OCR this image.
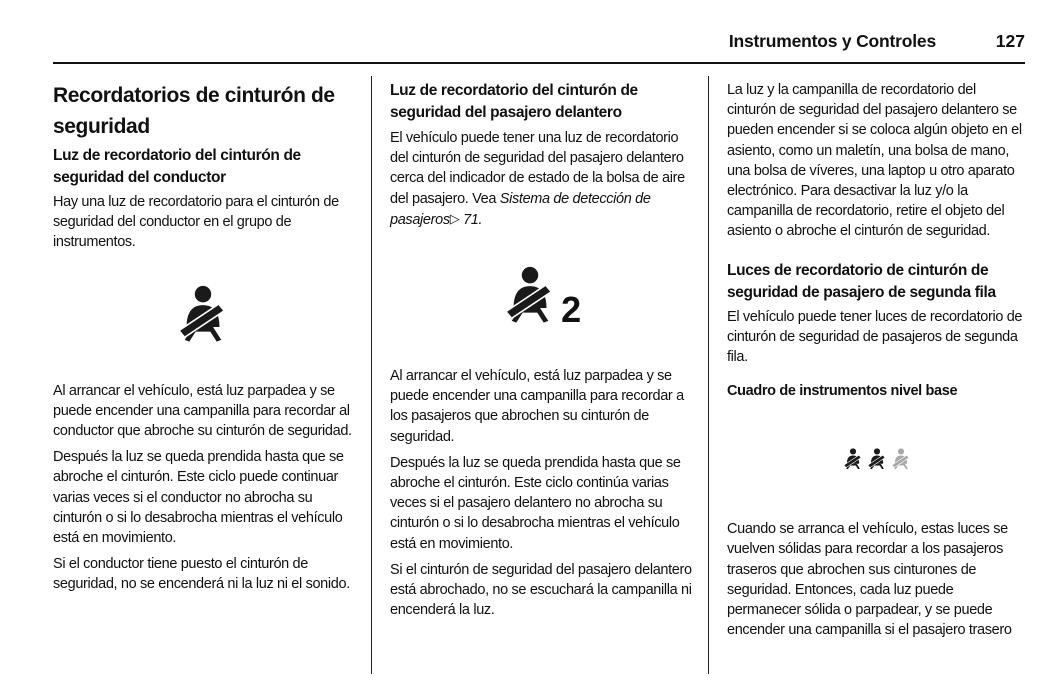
Instrumentos y Controles	127

Recordatorios de cinturón de seguridad

Luz de recordatorio del cinturón de seguridad del conductor

Hay una luz de recordatorio para el cinturón de seguridad del conductor en el grupo de instrumentos.

Al arrancar el vehículo, está luz parpadea y se puede encender una campanilla para recordar al conductor que abroche su cinturón de seguridad.

Después la luz se queda prendida hasta que se abroche el cinturón. Este ciclo puede continuar varias veces si el conductor no abrocha su cinturón o si lo desabrocha mientras el vehículo está en movimiento.

Si el conductor tiene puesto el cinturón de seguridad, no se encenderá ni la luz ni el sonido.

Luz de recordatorio del cinturón de seguridad del pasajero delantero

El vehículo puede tener una luz de recordatorio del cinturón de seguridad del pasajero delantero cerca del indicador de estado de la bolsa de aire del pasajero. Vea Sistema de detección de pasajeros▷ 71.

2

Al arrancar el vehículo, está luz parpadea y se puede encender una campanilla para recordar a los pasajeros que abrochen su cinturón de seguridad.

Después la luz se queda prendida hasta que se abroche el cinturón. Este ciclo continúa varias veces si el pasajero delantero no abrocha su cinturón o si lo desabrocha mientras el vehículo está en movimiento.

Si el cinturón de seguridad del pasajero delantero está abrochado, no se escuchará la campanilla ni encenderá la luz.

La luz y la campanilla de recordatorio del cinturón de seguridad del pasajero delantero se pueden encender si se coloca algún objeto en el asiento, como un maletín, una bolsa de mano, una bolsa de víveres, una laptop u otro aparato electrónico. Para desactivar la luz y/o la campanilla de recordatorio, retire el objeto del asiento o abroche el cinturón de seguridad.

Luces de recordatorio de cinturón de seguridad de pasajero de segunda fila

El vehículo puede tener luces de recordatorio de cinturón de seguridad de pasajeros de segunda fila.

Cuadro de instrumentos nivel base

Cuando se arranca el vehículo, estas luces se vuelven sólidas para recordar a los pasajeros traseros que abrochen sus cinturones de seguridad. Entonces, cada luz puede permanecer sólida o parpadear, y se puede encender una campanilla si el pasajero trasero
